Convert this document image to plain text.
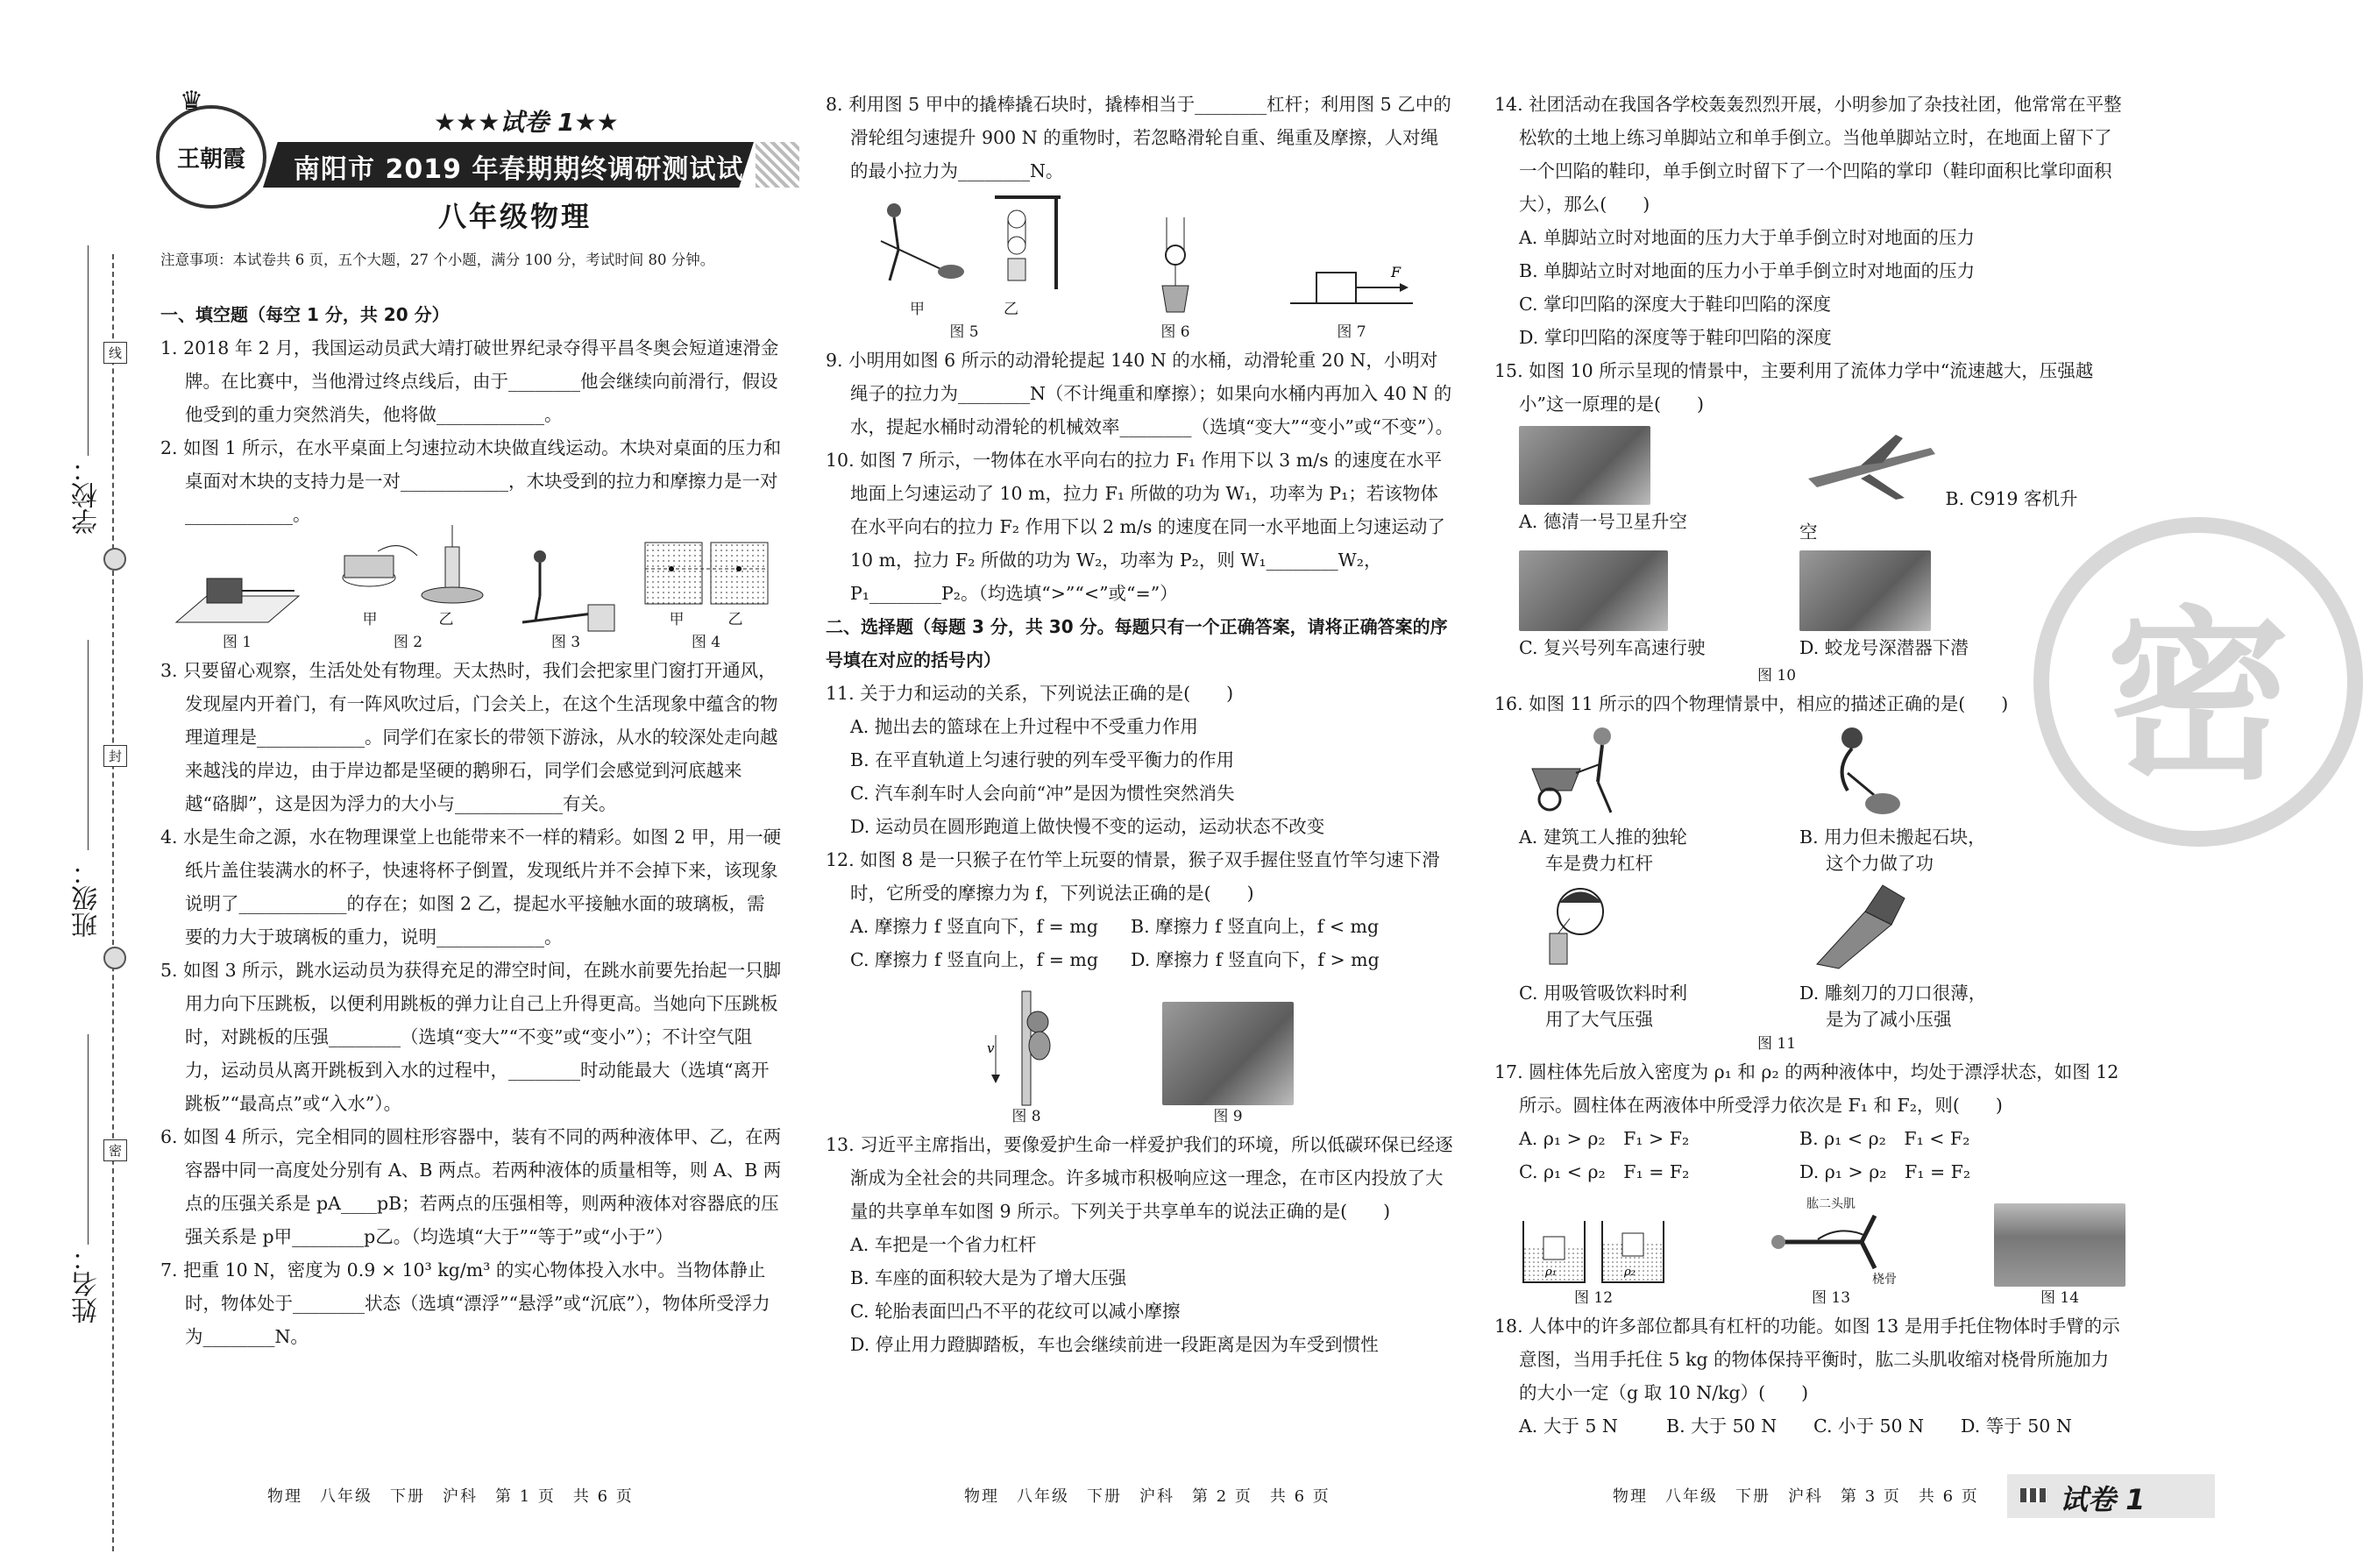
学校：
班级：
姓名：
线
封
密
王朝霞
♛
★★★试卷 1★★
南阳市 2019 年春期期终调研测试试卷	八年级物理
注意事项：本试卷共 6 页，五个大题，27 个小题，满分 100 分，考试时间 80 分钟。

一、填空题（每空 1 分，共 20 分）

1. 2018 年 2 月，我国运动员武大靖打破世界纪录夺得平昌冬奥会短道速滑金牌。在比赛中，当他滑过终点线后，由于________他会继续向前滑行，假设他受到的重力突然消失，他将做____________。

2. 如图 1 所示，在水平桌面上匀速拉动木块做直线运动。木块对桌面的压力和桌面对木块的支持力是一对____________，木块受到的拉力和摩擦力是一对____________。

图 1
甲	乙
图 2	图 3
甲	乙
图 4

3. 只要留心观察，生活处处有物理。天太热时，我们会把家里门窗打开通风，发现屋内开着门，有一阵风吹过后，门会关上，在这个生活现象中蕴含的物理道理是____________。同学们在家长的带领下游泳，从水的较深处走向越来越浅的岸边，由于岸边都是坚硬的鹅卵石，同学们会感觉到河底越来越“硌脚”，这是因为浮力的大小与____________有关。

4. 水是生命之源，水在物理课堂上也能带来不一样的精彩。如图 2 甲，用一硬纸片盖住装满水的杯子，快速将杯子倒置，发现纸片并不会掉下来，该现象说明了____________的存在；如图 2 乙，提起水平接触水面的玻璃板，需要的力大于玻璃板的重力，说明____________。

5. 如图 3 所示，跳水运动员为获得充足的滞空时间，在跳水前要先抬起一只脚用力向下压跳板，以便利用跳板的弹力让自己上升得更高。当她向下压跳板时，对跳板的压强________（选填“变大”“不变”或“变小”）；不计空气阻力，运动员从离开跳板到入水的过程中，________时动能最大（选填“离开跳板”“最高点”或“入水”）。

6. 如图 4 所示，完全相同的圆柱形容器中，装有不同的两种液体甲、乙，在两容器中同一高度处分别有 A、B 两点。若两种液体的质量相等，则 A、B 两点的压强关系是 pA____pB；若两点的压强相等，则两种液体对容器底的压强关系是 p甲________p乙。（均选填“大于”“等于”或“小于”）

7. 把重 10 N，密度为 0.9 × 10³ kg/m³ 的实心物体投入水中。当物体静止时，物体处于________状态（选填“漂浮”“悬浮”或“沉底”），物体所受浮力为________N。

8. 利用图 5 甲中的撬棒撬石块时，撬棒相当于________杠杆；利用图 5 乙中的滑轮组匀速提升 900 N 的重物时，若忽略滑轮自重、绳重及摩擦，人对绳的最小拉力为________N。

甲	乙
图 5	图 6
F
图 7

9. 小明用如图 6 所示的动滑轮提起 140 N 的水桶，动滑轮重 20 N，小明对绳子的拉力为________N（不计绳重和摩擦）；如果向水桶内再加入 40 N 的水，提起水桶时动滑轮的机械效率________（选填“变大”“变小”或“不变”）。

10. 如图 7 所示，一物体在水平向右的拉力 F₁ 作用下以 3 m/s 的速度在水平地面上匀速运动了 10 m，拉力 F₁ 所做的功为 W₁，功率为 P₁；若该物体在水平向右的拉力 F₂ 作用下以 2 m/s 的速度在同一水平地面上匀速运动了 10 m，拉力 F₂ 所做的功为 W₂，功率为 P₂，则 W₁________W₂，P₁________P₂。（均选填“>”“<”或“=”）

二、选择题（每题 3 分，共 30 分。每题只有一个正确答案，请将正确答案的序号填在对应的括号内）

11. 关于力和运动的关系，下列说法正确的是(　　)

A. 抛出去的篮球在上升过程中不受重力作用

B. 在平直轨道上匀速行驶的列车受平衡力的作用

C. 汽车刹车时人会向前“冲”是因为惯性突然消失

D. 运动员在圆形跑道上做快慢不变的运动，运动状态不改变

12. 如图 8 是一只猴子在竹竿上玩耍的情景，猴子双手握住竖直竹竿匀速下滑时，它所受的摩擦力为 f，下列说法正确的是(　　)

A. 摩擦力 f 竖直向下，f = mg	B. 摩擦力 f 竖直向上，f < mg
C. 摩擦力 f 竖直向上，f = mg	D. 摩擦力 f 竖直向下，f > mg
v
图 8	图 9

13. 习近平主席指出，要像爱护生命一样爱护我们的环境，所以低碳环保已经逐渐成为全社会的共同理念。许多城市积极响应这一理念，在市区内投放了大量的共享单车如图 9 所示。下列关于共享单车的说法正确的是(　　)

A. 车把是一个省力杠杆

B. 车座的面积较大是为了增大压强

C. 轮胎表面凹凸不平的花纹可以减小摩擦

D. 停止用力蹬脚踏板，车也会继续前进一段距离是因为车受到惯性

14. 社团活动在我国各学校轰轰烈烈开展，小明参加了杂技社团，他常常在平整松软的土地上练习单脚站立和单手倒立。当他单脚站立时，在地面上留下了一个凹陷的鞋印，单手倒立时留下了一个凹陷的掌印（鞋印面积比掌印面积大），那么(　　)

A. 单脚站立时对地面的压力大于单手倒立时对地面的压力

B. 单脚站立时对地面的压力小于单手倒立时对地面的压力

C. 掌印凹陷的深度大于鞋印凹陷的深度

D. 掌印凹陷的深度等于鞋印凹陷的深度

15. 如图 10 所示呈现的情景中，主要利用了流体力学中“流速越大，压强越小”这一原理的是(　　)

A. 德清一号卫星升空
B. C919 客机升空
C. 复兴号列车高速行驶	D. 蛟龙号深潜器下潜

图 10

16. 如图 11 所示的四个物理情景中，相应的描述正确的是(　　)

A. 建筑工人推的独轮
车是费力杠杆
B. 用力但未搬起石块，
这个力做了功
C. 用吸管吸饮料时利
用了大气压强
D. 雕刻刀的刀口很薄，
是为了减小压强

图 11

17. 圆柱体先后放入密度为 ρ₁ 和 ρ₂ 的两种液体中，均处于漂浮状态，如图 12 所示。圆柱体在两液体中所受浮力依次是 F₁ 和 F₂，则(　　)

A. ρ₁ > ρ₂　F₁ > F₂	B. ρ₁ < ρ₂　F₁ < F₂
C. ρ₁ < ρ₂　F₁ = F₂	D. ρ₁ > ρ₂　F₁ = F₂
ρ₁	ρ₂
图 12
肱二头肌
桡骨
图 13	图 14

18. 人体中的许多部位都具有杠杆的功能。如图 13 是用手托住物体时手臂的示意图，当用手托住 5 kg 的物体保持平衡时，肱二头肌收缩对桡骨所施加力的大小一定（g 取 10 N/kg）(　　)

A. 大于 5 N	B. 大于 50 N	C. 小于 50 N	D. 等于 50 N
密
物理　八年级　下册　沪科　第 1 页　共 6 页	物理　八年级　下册　沪科　第 2 页　共 6 页	物理　八年级　下册　沪科　第 3 页　共 6 页	试卷 1
